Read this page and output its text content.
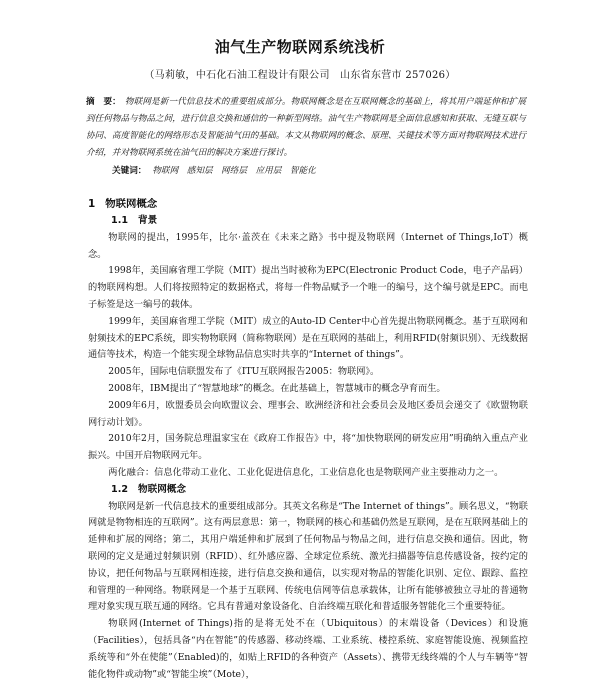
油气生产物联网系统浅析
（马莉敏，中石化石油工程设计有限公司　山东省东营市 257026）
摘　要： 物联网是新一代信息技术的重要组成部分。物联网概念是在互联网概念的基础上，将其用户端延伸和扩展到任何物品与物品之间，进行信息交换和通信的一种新型网络。油气生产物联网是全面信息感知和获取、无缝互联与协同、高度智能化的网络形态及智能油气田的基础。本文从物联网的概念、原理、关键技术等方面对物联网技术进行介绍，并对物联网系统在油气田的解决方案进行探讨。
关键词： 物联网　感知层　网络层　应用层　智能化
1 物联网概念
1.1 背景

物联网的提出，1995年，比尔·盖茨在《未来之路》书中提及物联网（Internet of Things,IoT）概念。

1998年，美国麻省理工学院（MIT）提出当时被称为EPC(Electronic Product Code，电子产品码）的物联网构想。人们将按照特定的数据格式，将每一件物品赋予一个唯一的编号，这个编号就是EPC。而电子标签是这一编号的载体。

1999年，美国麻省理工学院（MIT）成立的Auto-ID Center中心首先提出物联网概念。基于互联网和射频技术的EPC系统，即实物物联网（简称物联网）是在互联网的基础上，利用RFID(射频识别）、无线数据通信等技术，构造一个能实现全球物品信息实时共享的“Internet of things”。

2005年，国际电信联盟发布了《ITU互联网报告2005：物联网》。

2008年，IBM提出了“智慧地球”的概念。在此基础上，智慧城市的概念孕育而生。

2009年6月，欧盟委员会向欧盟议会、理事会、欧洲经济和社会委员会及地区委员会递交了《欧盟物联网行动计划》。

2010年2月，国务院总理温家宝在《政府工作报告》中，将“加快物联网的研发应用”明确纳入重点产业振兴。中国开启物联网元年。

两化融合：信息化带动工业化、工业化促进信息化，工业信息化也是物联网产业主要推动力之一。

1.2 物联网概念

物联网是新一代信息技术的重要组成部分。其英文名称是“The Internet of things”。顾名思义，“物联网就是物物相连的互联网”。这有两层意思：第一，物联网的核心和基础仍然是互联网，是在互联网基础上的延伸和扩展的网络；第二，其用户端延伸和扩展到了任何物品与物品之间，进行信息交换和通信。因此，物联网的定义是通过射频识别（RFID）、红外感应器、全球定位系统、激光扫描器等信息传感设备，按约定的协议，把任何物品与互联网相连接，进行信息交换和通信，以实现对物品的智能化识别、定位、跟踪、监控和管理的一种网络。物联网是一个基于互联网、传统电信网等信息承载体，让所有能够被独立寻址的普通物理对象实现互联互通的网络。它具有普通对象设备化、自治终端互联化和普适服务智能化三个重要特征。

物联网(Internet of Things)指的是将无处不在（Ubiquitous）的末端设备（Devices）和设施（Facilities），包括具备“内在智能”的传感器、移动终端、工业系统、楼控系统、家庭智能设施、视频监控系统等和“外在使能”（Enabled)的，如贴上RFID的各种资产（Assets）、携带无线终端的个人与车辆等“智能化物件或动物”或“智能尘埃”（Mote），
